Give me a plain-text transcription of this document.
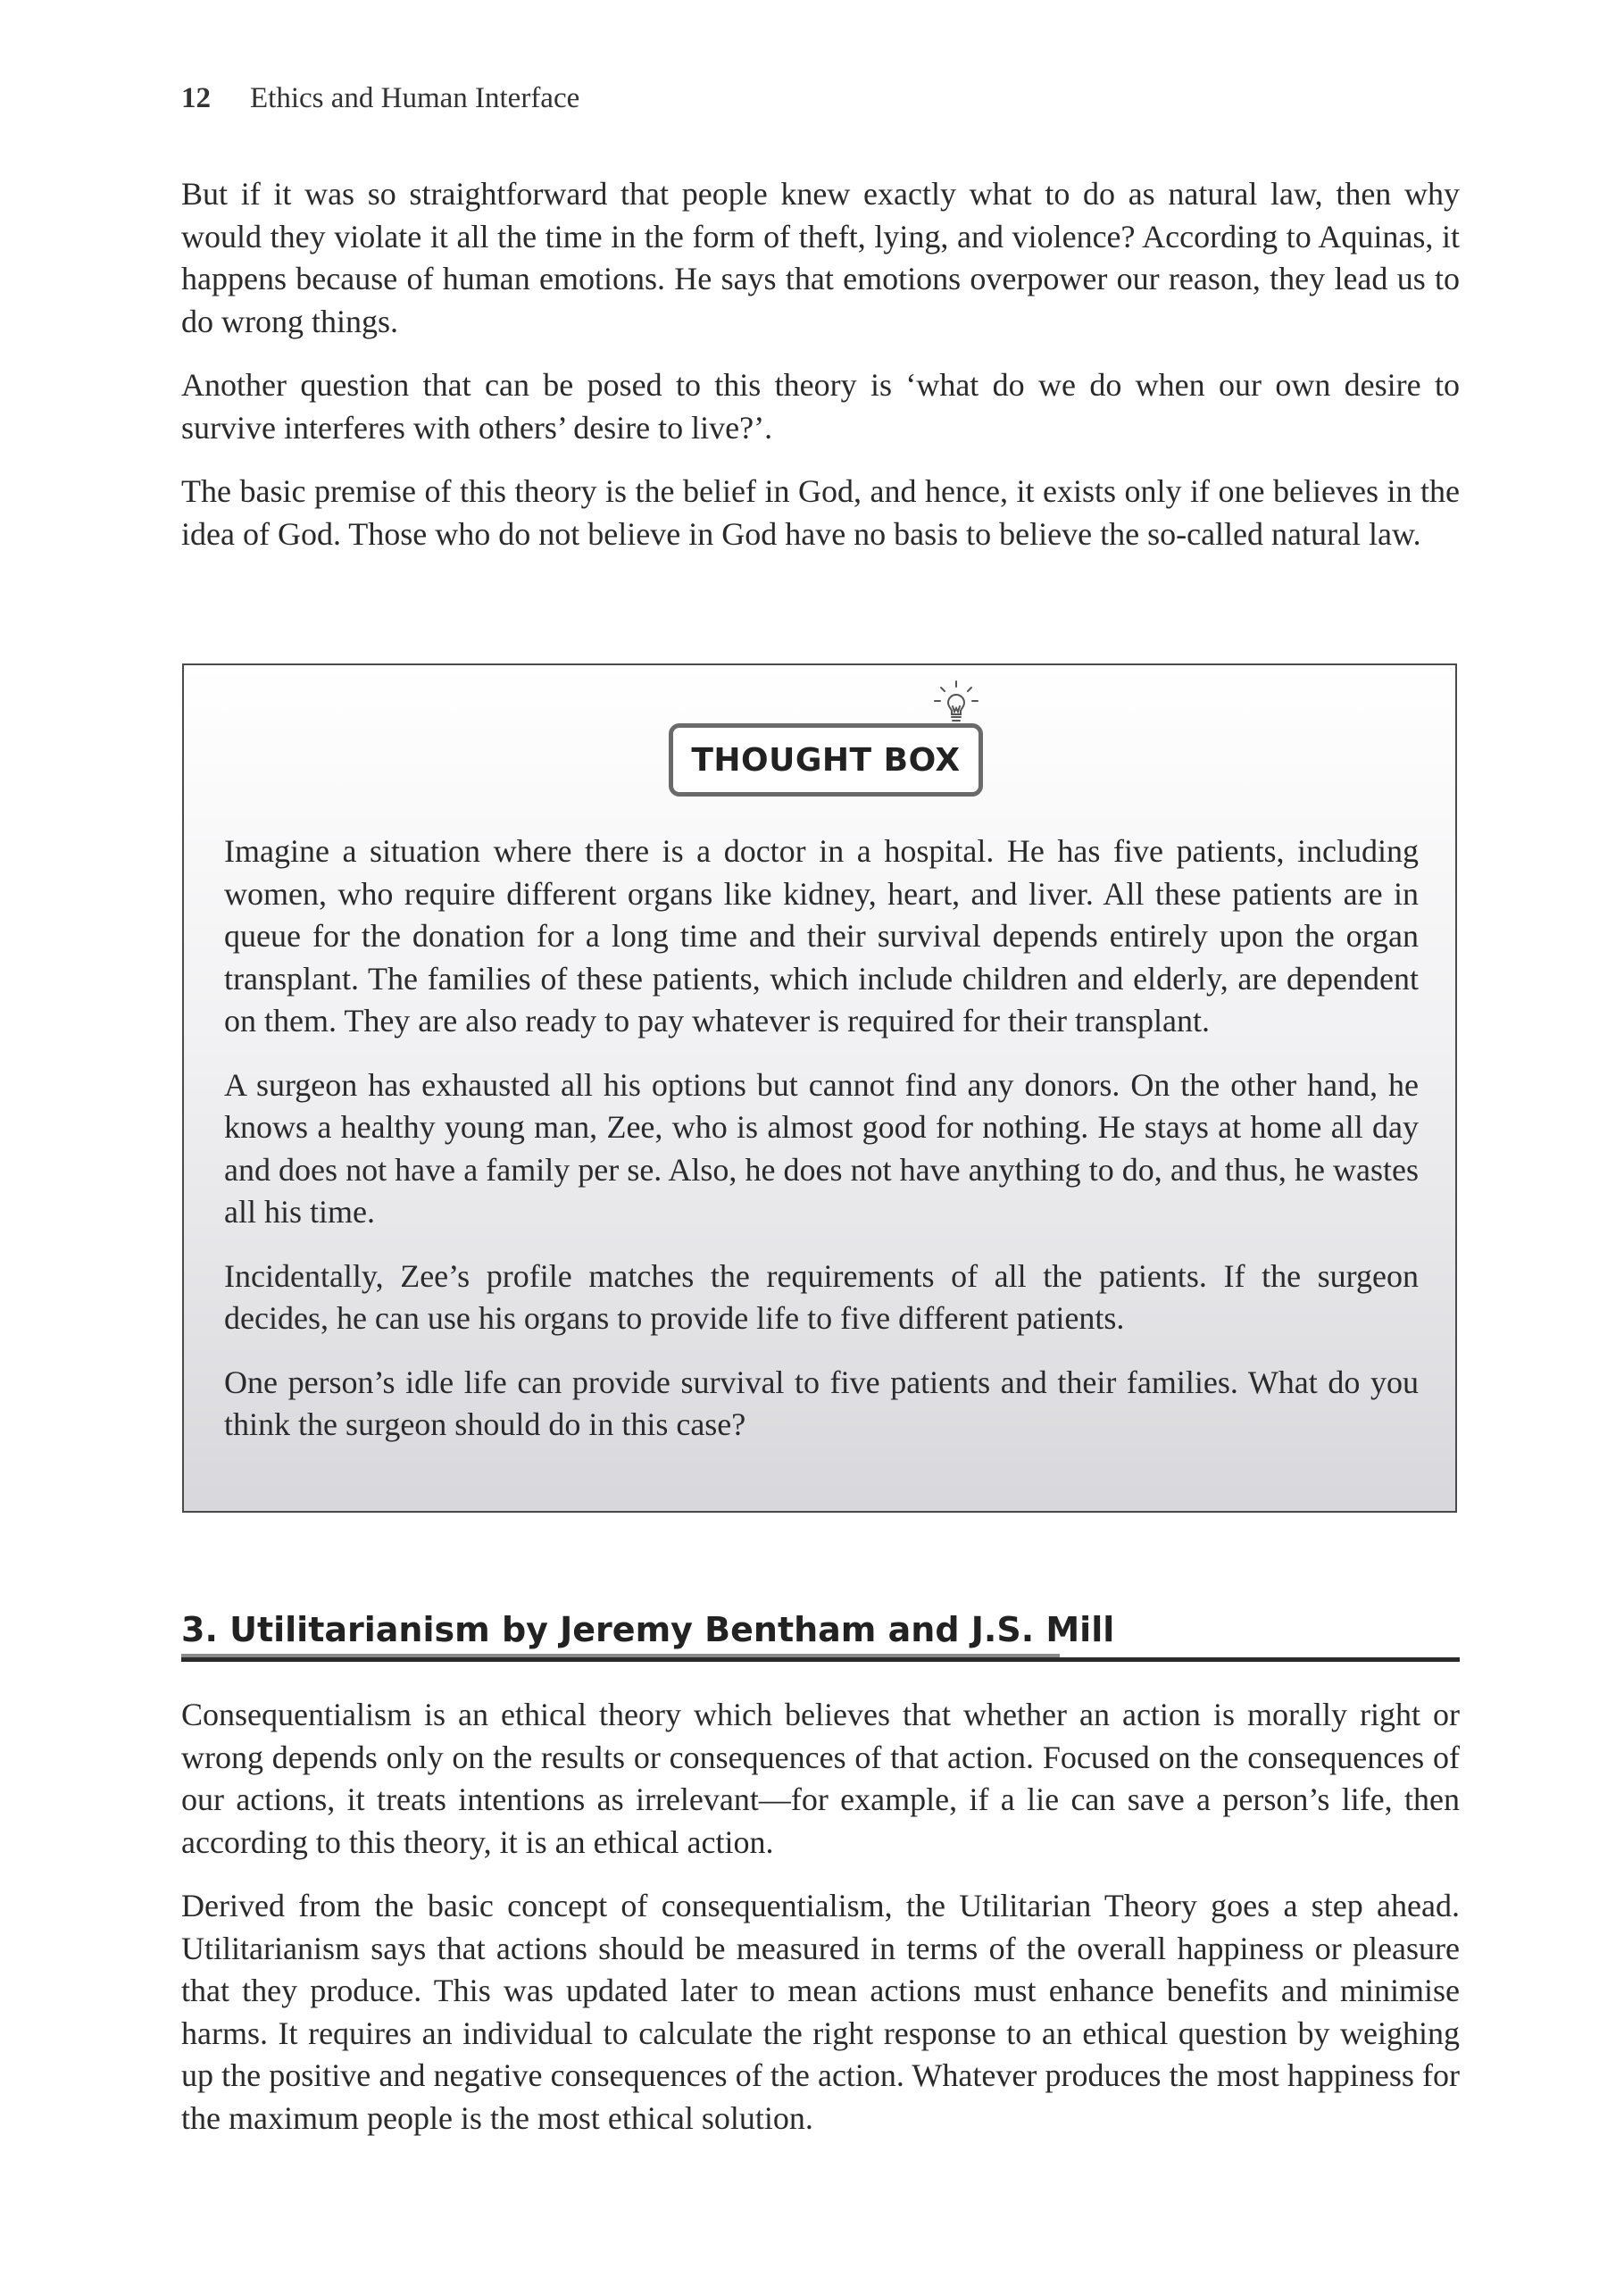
12 Ethics and Human Interface

But if it was so straightforward that people knew exactly what to do as natural law, then why would they violate it all the time in the form of theft, lying, and violence? According to Aquinas, it happens because of human emotions. He says that emotions overpower our reason, they lead us to do wrong things.

Another question that can be posed to this theory is ‘what do we do when our own desire to survive interferes with others’ desire to live?’.

The basic premise of this theory is the belief in God, and hence, it exists only if one believes in the idea of God. Those who do not believe in God have no basis to believe the so-called natural law.

THOUGHT BOX

Imagine a situation where there is a doctor in a hospital. He has five patients, including women, who require different organs like kidney, heart, and liver. All these patients are in queue for the donation for a long time and their survival depends entirely upon the organ transplant. The families of these patients, which include children and elderly, are dependent on them. They are also ready to pay whatever is required for their transplant.

A surgeon has exhausted all his options but cannot find any donors. On the other hand, he knows a healthy young man, Zee, who is almost good for nothing. He stays at home all day and does not have a family per se. Also, he does not have anything to do, and thus, he wastes all his time.

Incidentally, Zee’s profile matches the requirements of all the patients. If the surgeon decides, he can use his organs to provide life to five different patients.

One person’s idle life can provide survival to five patients and their families. What do you think the surgeon should do in this case?

3. Utilitarianism by Jeremy Bentham and J.S. Mill

Consequentialism is an ethical theory which believes that whether an action is morally right or wrong depends only on the results or consequences of that action. Focused on the consequences of our actions, it treats intentions as irrelevant—for example, if a lie can save a person’s life, then according to this theory, it is an ethical action.

Derived from the basic concept of consequentialism, the Utilitarian Theory goes a step ahead. Utilitarianism says that actions should be measured in terms of the overall happiness or pleasure that they produce. This was updated later to mean actions must enhance benefits and minimise harms. It requires an individual to calculate the right response to an ethical question by weighing up the positive and negative consequences of the action. Whatever produces the most happiness for the maximum people is the most ethical solution.
